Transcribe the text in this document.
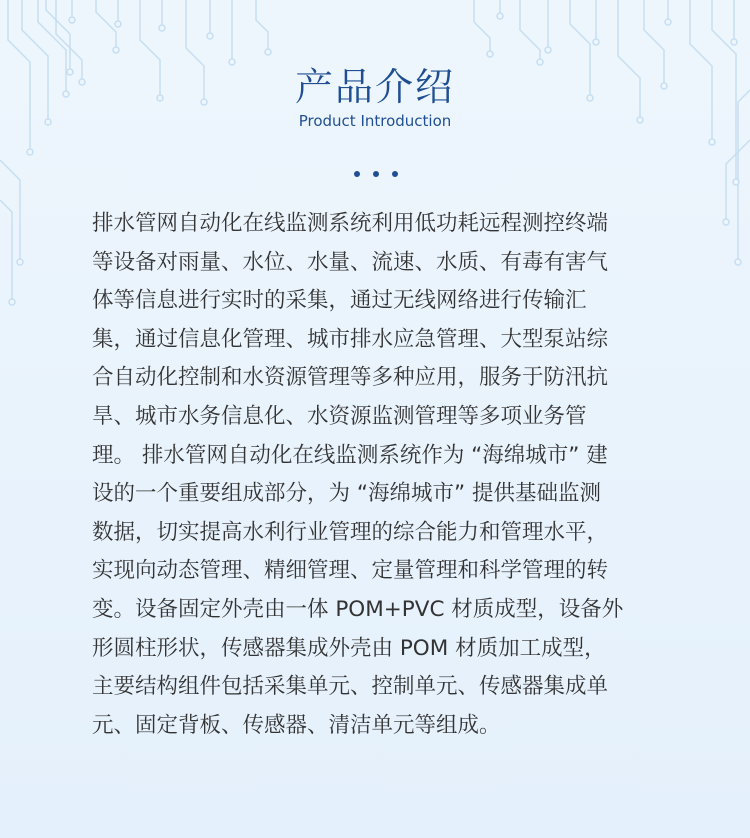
产品介绍
Product Introduction
排水管网自动化在线监测系统利用低功耗远程测控终端
等设备对雨量、水位、水量、流速、水质、有毒有害气
体等信息进行实时的采集，通过无线网络进行传输汇
集，通过信息化管理、城市排水应急管理、大型泵站综
合自动化控制和水资源管理等多种应用，服务于防汛抗
旱、城市水务信息化、水资源监测管理等多项业务管
理。 排水管网自动化在线监测系统作为 “海绵城市” 建
设的一个重要组成部分，为 “海绵城市” 提供基础监测
数据，切实提高水利行业管理的综合能力和管理水平，
实现向动态管理、精细管理、定量管理和科学管理的转
变。设备固定外壳由一体 POM+PVC 材质成型，设备外
形圆柱形状，传感器集成外壳由 POM 材质加工成型，
主要结构组件包括采集单元、控制单元、传感器集成单
元、固定背板、传感器、清洁单元等组成。
